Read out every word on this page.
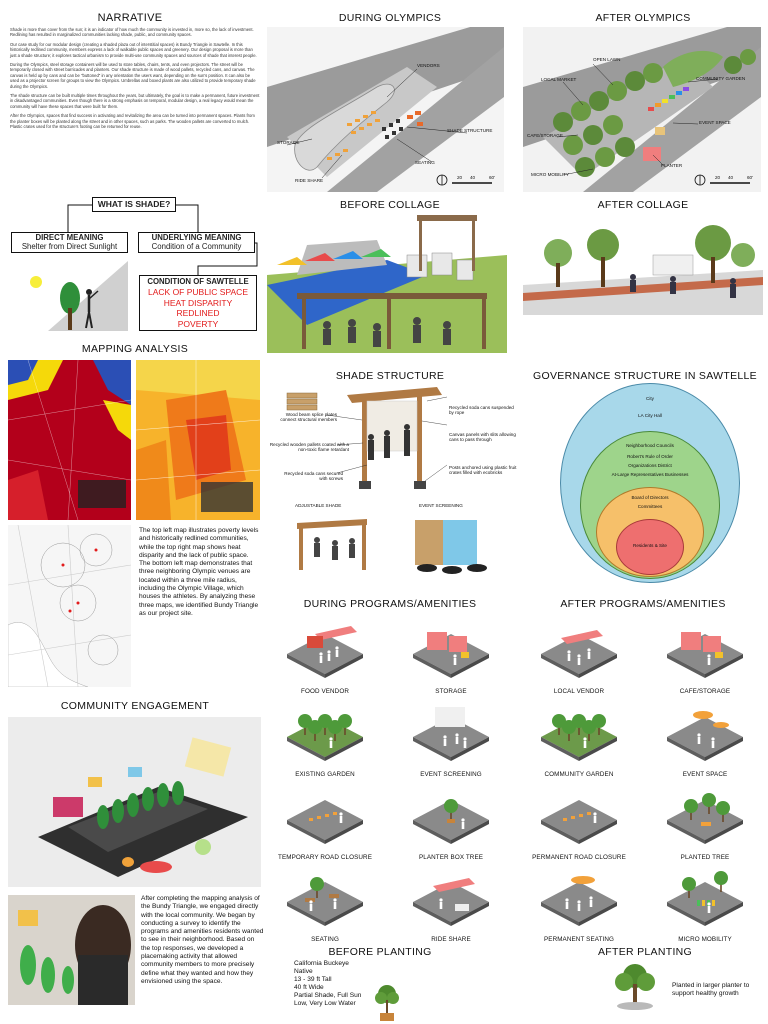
NARRATIVE

Shade is more than cover from the sun; it is an indicator of how much the community is invested in, more so, the lack of investment. Redlining has resulted in marginalized communities lacking shade, public, and community spaces.

Our case study for our modular design (creating a shaded plaza out of interstitial spaces) is Bundy Triangle in Sawtelle. In this historically redlined community, members express a lack of walkable public spaces and greenery. Our design proposal is more than just a shade structure; it explores tactical urbanism to provide multi-use community spaces and sources of shade that interest people.

During the Olympics, steel storage containers will be used to store tables, chairs, tents, and even projectors. The street will be temporarily closed with street barricades and planters. Our shade structure is made of wood pallets, recycled cans, and canvas. The canvas is held up by cans and can be "buttoned" in any orientation the users want, depending on the sun's position. It can also be used as a projector screen for groups to view the Olympics. Umbrellas and boxed plants are also utilized to provide temporary shade during the Olympics.

The shade structure can be built multiple times throughout the years, but ultimately, the goal is to make a permanent, future investment in disadvantaged communities. Even though there is a strong emphasis on temporal, modular design, a real legacy would mean the community will have these spaces that were built for them.

After the Olympics, spaces that find success in activating and revitalizing the area can be turned into permanent spaces. Plants from the planter boxes will be planted along the street and in other spaces, such as parks. The wooden pallets are converted to mulch. Plastic crates used for the structure's footing can be returned for reuse.

DURING OLYMPICS
VENDORS
STORAGE
SHADE STRUCTURE
SEATING
RIDE SHARE
20 40	60'
AFTER OLYMPICS
OPEN LAWN
LOCAL MARKET	COMMUNITY GARDEN
CAFE/STORAGE
EVENT SPACE
PLANTER
MICRO MOBILITY
20 40	60'
WHAT IS SHADE?
DIRECT MEANING
Shelter from Direct Sunlight
UNDERLYING MEANING
Condition of a Community
CONDITION OF SAWTELLE
LACK OF PUBLIC SPACE
HEAT DISPARITY
REDLINED
POVERTY
BEFORE COLLAGE	AFTER COLLAGE
MAPPING ANALYSIS
The top left map illustrates poverty levels and historically redlined communities, while the top right map shows heat disparity and the lack of public space. The bottom left map demonstrates that three neighboring Olympic venues are located within a three mile radius, including the Olympic Village, which houses the athletes. By analyzing these three maps, we identified Bundy Triangle as our project site.
SHADE STRUCTURE
Wood beam splice plates connect structural members
Recycled wooden pallets coated with a non-toxic flame retardant
Recycled soda cans secured with screws
Recycled soda cans suspended by rope
Canvas panels with slits allowing cans to pass through
Posts anchored using plastic fruit crates filled with ecobricks
ADJUSTABLE SHADE	EVENT SCREENING
GOVERNANCE STRUCTURE IN SAWTELLE
City
LA City Hall
Neighborhood Councils
Robert's Rule of Order
Organizations District
At-Large Representatives Businesses
Board of Directors
Committees
Residents & Site
DURING PROGRAMS/AMENITIES	AFTER PROGRAMS/AMENITIES
FOOD VENDOR	STORAGE	LOCAL VENDOR	CAFE/STORAGE
EXISTING GARDEN	EVENT SCREENING	COMMUNITY GARDEN	EVENT SPACE
TEMPORARY ROAD CLOSURE	PLANTER BOX TREE	PERMANENT ROAD CLOSURE	PLANTED TREE
SEATING	RIDE SHARE	PERMANENT SEATING	MICRO MOBILITY
COMMUNITY ENGAGEMENT
After completing the mapping analysis of the Bundy Triangle, we engaged directly with the local community. We began by conducting a survey to identify the programs and amenities residents wanted to see in their neighborhood. Based on the top responses, we developed a placemaking activity that allowed community members to more precisely define what they wanted and how they envisioned using the space.
BEFORE PLANTING
California Buckeye
Native
13 - 39 ft Tall
40 ft Wide
Partial Shade, Full Sun
Low, Very Low Water
AFTER PLANTING
Planted in larger planter to support healthy growth
